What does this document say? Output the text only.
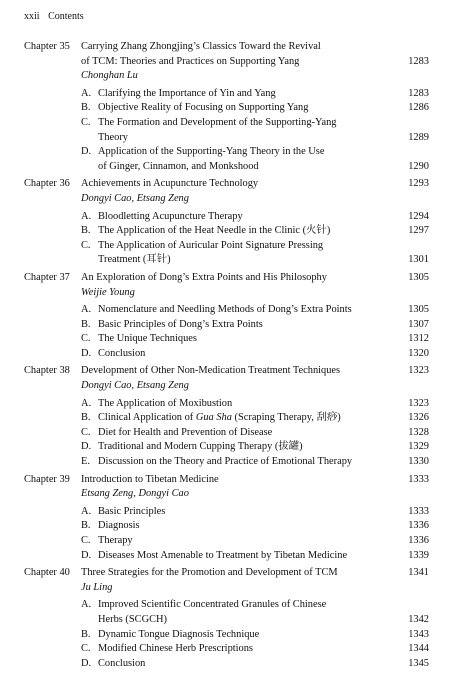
xxii Contents
Chapter 35	Carrying Zhang Zhongjing’s Classics Toward the Revival
of TCM: Theories and Practices on Supporting Yang	1283
Chonghan Lu
A. Clarifying the Importance of Yin and Yang	1283
B. Objective Reality of Focusing on Supporting Yang	1286
C. The Formation and Development of the Supporting-Yang
Theory	1289
D. Application of the Supporting-Yang Theory in the Use
of Ginger, Cinnamon, and Monkshood	1290
Chapter 36	Achievements in Acupuncture Technology	1293
Dongyi Cao, Etsang Zeng
A. Bloodletting Acupuncture Therapy	1294
B. The Application of the Heat Needle in the Clinic (火针)	1297
C. The Application of Auricular Point Signature Pressing
Treatment (耳针)	1301
Chapter 37	An Exploration of Dong’s Extra Points and His Philosophy	1305
Weijie Young
A. Nomenclature and Needling Methods of Dong’s Extra Points	1305
B. Basic Principles of Dong’s Extra Points	1307
C. The Unique Techniques	1312
D. Conclusion	1320
Chapter 38	Development of Other Non-Medication Treatment Techniques	1323
Dongyi Cao, Etsang Zeng
A. The Application of Moxibustion	1323
B. Clinical Application of Gua Sha (Scraping Therapy, 刮痧)	1326
C. Diet for Health and Prevention of Disease	1328
D. Traditional and Modern Cupping Therapy (拔罐)	1329
E. Discussion on the Theory and Practice of Emotional Therapy	1330
Chapter 39	Introduction to Tibetan Medicine	1333
Etsang Zeng, Dongyi Cao
A. Basic Principles	1333
B. Diagnosis	1336
C. Therapy	1336
D. Diseases Most Amenable to Treatment by Tibetan Medicine	1339
Chapter 40	Three Strategies for the Promotion and Development of TCM	1341
Ju Ling
A. Improved Scientific Concentrated Granules of Chinese
Herbs (SCGCH)	1342
B. Dynamic Tongue Diagnosis Technique	1343
C. Modified Chinese Herb Prescriptions	1344
D. Conclusion	1345
